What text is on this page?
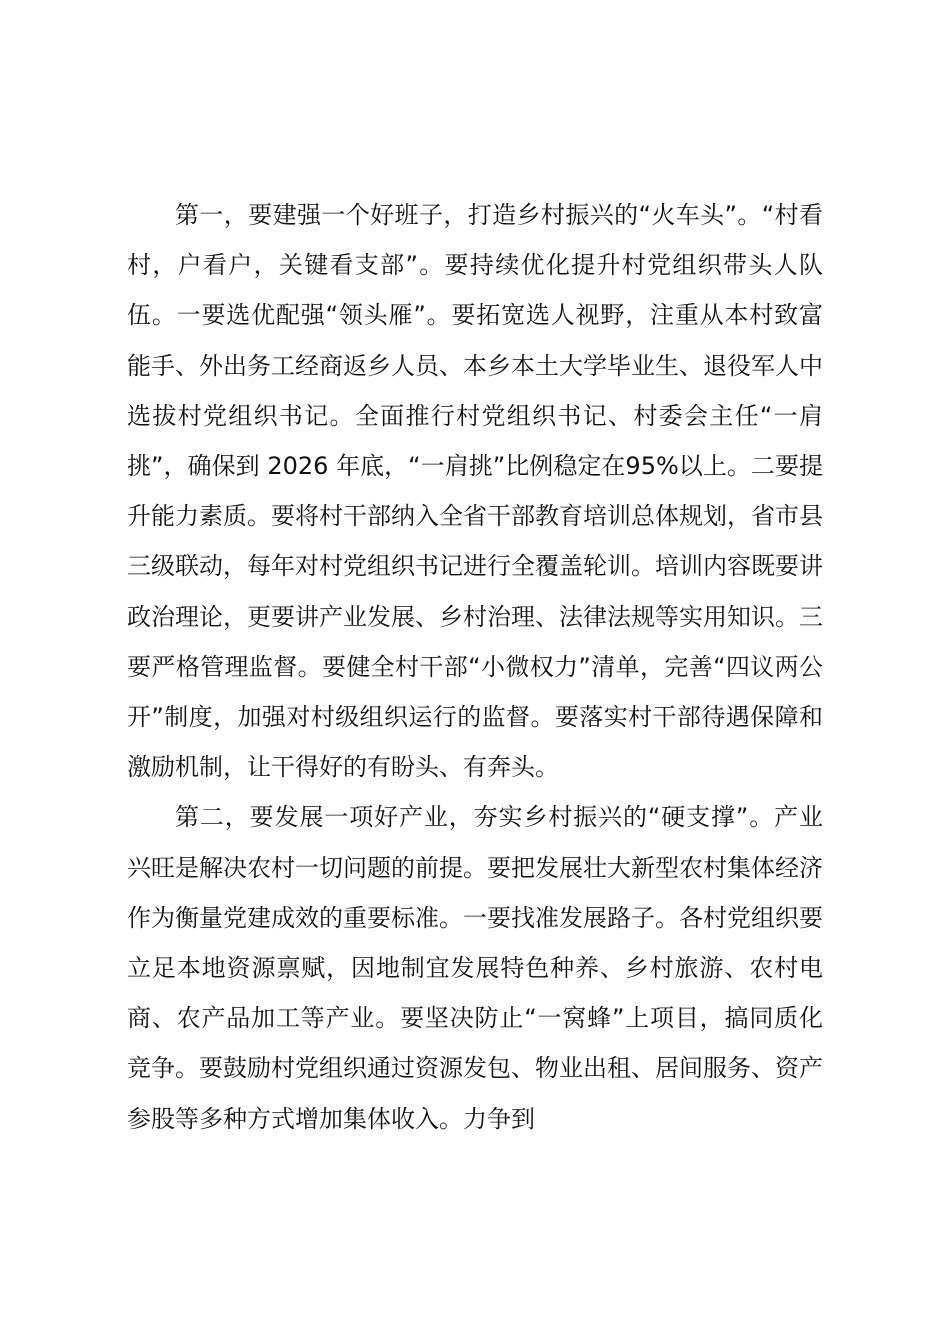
第一，要建强一个好班子，打造乡村振兴的“火车头”。“村看村，户看户，关键看支部”。要持续优化提升村党组织带头人队伍。一要选优配强“领头雁”。要拓宽选人视野，注重从本村致富能手、外出务工经商返乡人员、本乡本土大学毕业生、退役军人中选拔村党组织书记。全面推行村党组织书记、村委会主任“一肩挑”，确保到 2026 年底，“一肩挑”比例稳定在95%以上。二要提升能力素质。要将村干部纳入全省干部教育培训总体规划，省市县三级联动，每年对村党组织书记进行全覆盖轮训。培训内容既要讲政治理论，更要讲产业发展、乡村治理、法律法规等实用知识。三要严格管理监督。要健全村干部“小微权力”清单，完善“四议两公开”制度，加强对村级组织运行的监督。要落实村干部待遇保障和激励机制，让干得好的有盼头、有奔头。

第二，要发展一项好产业，夯实乡村振兴的“硬支撑”。产业兴旺是解决农村一切问题的前提。要把发展壮大新型农村集体经济作为衡量党建成效的重要标准。一要找准发展路子。各村党组织要立足本地资源禀赋，因地制宜发展特色种养、乡村旅游、农村电商、农产品加工等产业。要坚决防止“一窝蜂”上项目，搞同质化竞争。要鼓励村党组织通过资源发包、物业出租、居间服务、资产参股等多种方式增加集体收入。力争到
